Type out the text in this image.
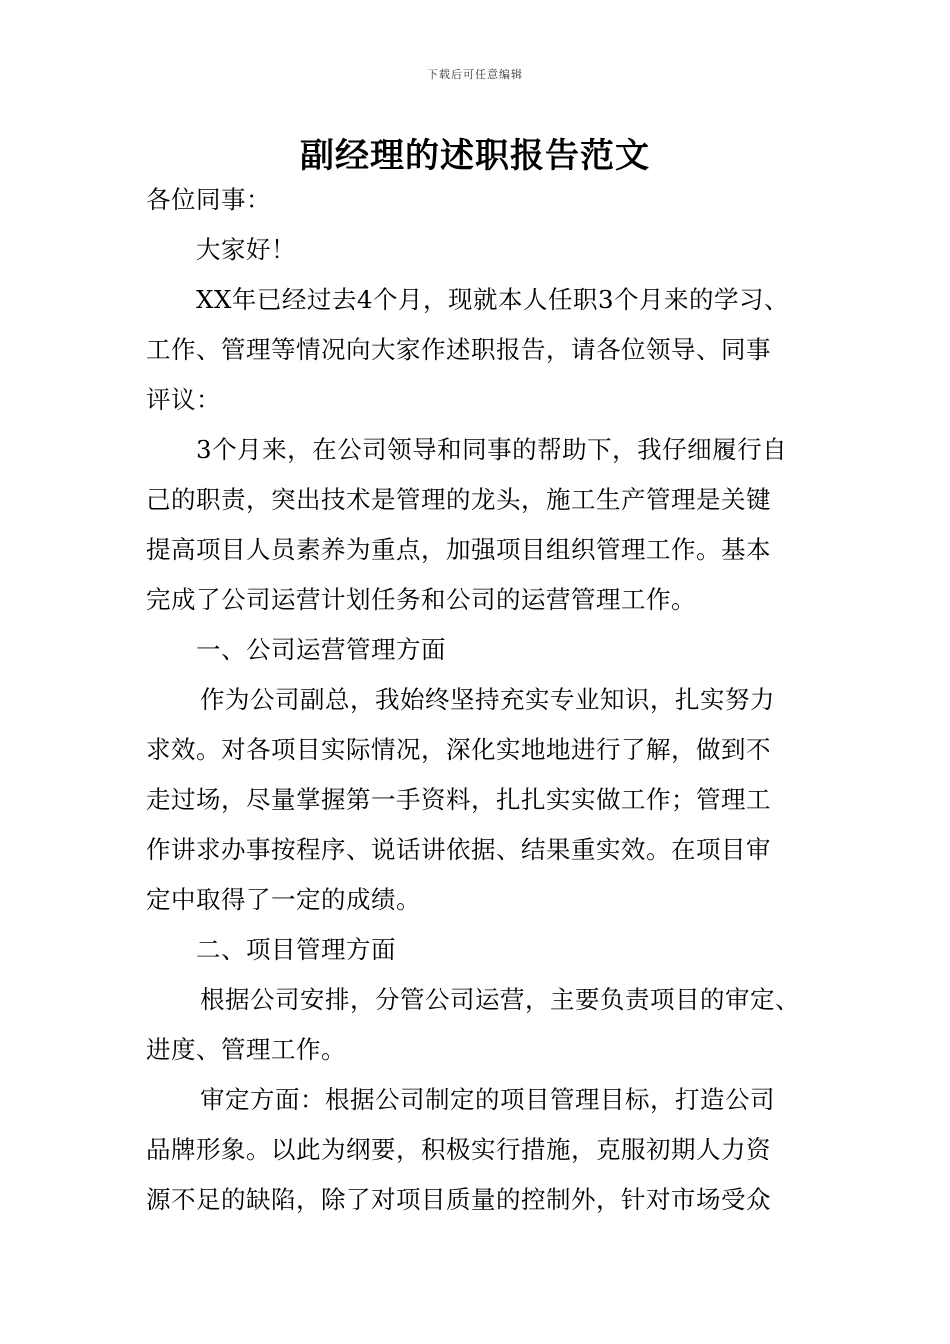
下载后可任意编辑
副经理的述职报告范文
各位同事：
大家好！
XX年已经过去4个月，现就本人任职3个月来的学习、
工作、管理等情况向大家作述职报告，请各位领导、同事
评议：
3个月来，在公司领导和同事的帮助下，我仔细履行自
己的职责，突出技术是管理的龙头，施工生产管理是关键
提高项目人员素养为重点，加强项目组织管理工作。基本
完成了公司运营计划任务和公司的运营管理工作。
一、公司运营管理方面
作为公司副总，我始终坚持充实专业知识，扎实努力
求效。对各项目实际情况，深化实地地进行了解，做到不
走过场，尽量掌握第一手资料，扎扎实实做工作；管理工
作讲求办事按程序、说话讲依据、结果重实效。在项目审
定中取得了一定的成绩。
二、项目管理方面
根据公司安排，分管公司运营，主要负责项目的审定、
进度、管理工作。
审定方面：根据公司制定的项目管理目标，打造公司
品牌形象。以此为纲要，积极实行措施，克服初期人力资
源不足的缺陷，除了对项目质量的控制外，针对市场受众
